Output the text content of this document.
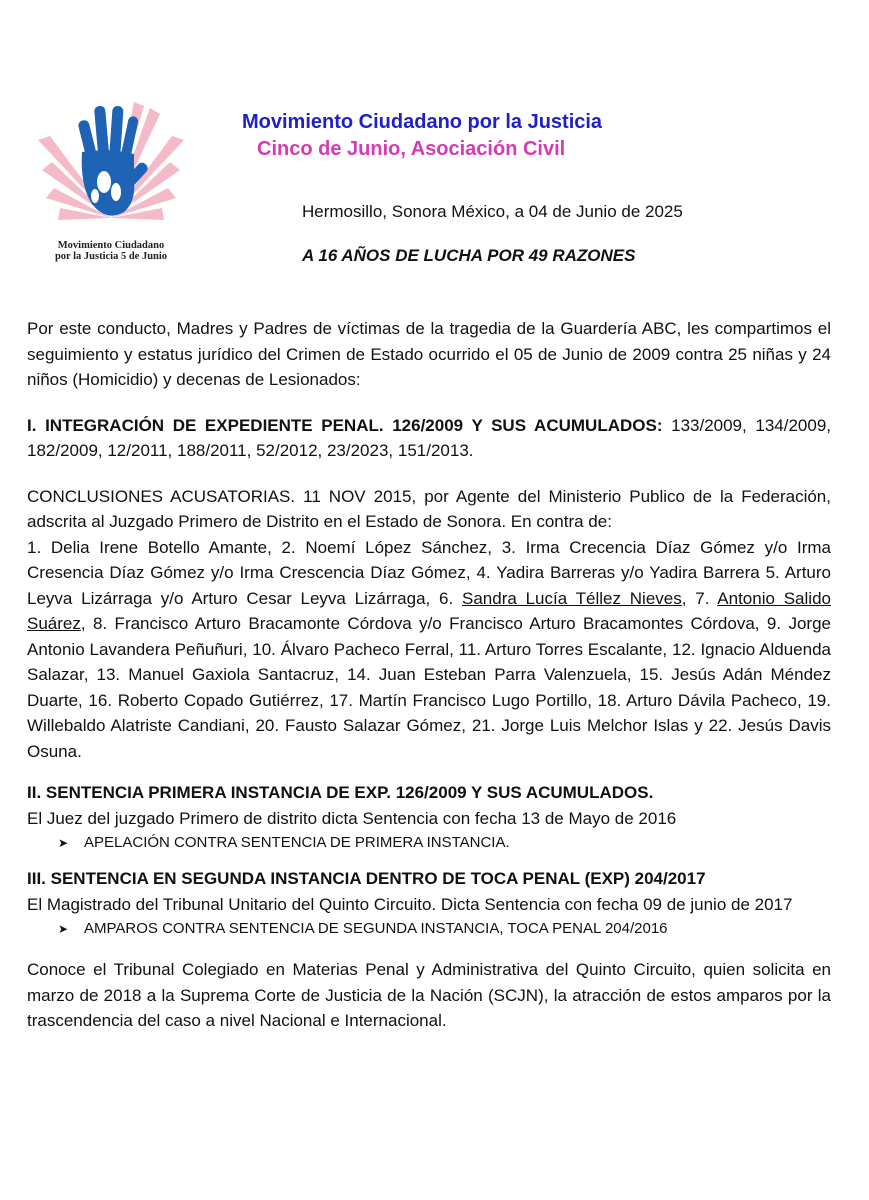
Movimiento Ciudadano
por la Justicia 5 de Junio
Movimiento Ciudadano por la Justicia
Cinco de Junio, Asociación Civil
Hermosillo, Sonora México, a 04 de Junio de 2025
A 16 AÑOS DE LUCHA POR 49 RAZONES

Por este conducto, Madres y Padres de víctimas de la tragedia de la Guardería ABC, les compartimos el seguimiento y estatus jurídico del Crimen de Estado ocurrido el 05 de Junio de 2009 contra 25 niñas y 24 niños (Homicidio) y decenas de Lesionados:

I. INTEGRACIÓN DE EXPEDIENTE PENAL. 126/2009 Y SUS ACUMULADOS: 133/2009, 134/2009, 182/2009, 12/2011, 188/2011, 52/2012, 23/2023, 151/2013.

CONCLUSIONES ACUSATORIAS. 11 NOV 2015, por Agente del Ministerio Publico de la Federación, adscrita al Juzgado Primero de Distrito en el Estado de Sonora. En contra de:

1. Delia Irene Botello Amante, 2. Noemí López Sánchez, 3. Irma Crecencia Díaz Gómez y/o Irma Cresencia Díaz Gómez y/o Irma Crescencia Díaz Gómez, 4. Yadira Barreras y/o Yadira Barrera 5. Arturo Leyva Lizárraga y/o Arturo Cesar Leyva Lizárraga, 6. Sandra Lucía Téllez Nieves, 7. Antonio Salido Suárez, 8. Francisco Arturo Bracamonte Córdova y/o Francisco Arturo Bracamontes Córdova, 9. Jorge Antonio Lavandera Peñuñuri, 10. Álvaro Pacheco Ferral, 11. Arturo Torres Escalante, 12. Ignacio Alduenda Salazar, 13. Manuel Gaxiola Santacruz, 14. Juan Esteban Parra Valenzuela, 15. Jesús Adán Méndez Duarte, 16. Roberto Copado Gutiérrez, 17. Martín Francisco Lugo Portillo, 18. Arturo Dávila Pacheco, 19. Willebaldo Alatriste Candiani, 20. Fausto Salazar Gómez, 21. Jorge Luis Melchor Islas y 22. Jesús Davis Osuna.

II. SENTENCIA PRIMERA INSTANCIA DE EXP. 126/2009 Y SUS ACUMULADOS.

El Juez del juzgado Primero de distrito dicta Sentencia con fecha 13 de Mayo de 2016

➤ APELACIÓN CONTRA SENTENCIA DE PRIMERA INSTANCIA.

III. SENTENCIA EN SEGUNDA INSTANCIA DENTRO DE TOCA PENAL (EXP) 204/2017

El Magistrado del Tribunal Unitario del Quinto Circuito. Dicta Sentencia con fecha 09 de junio de 2017

➤ AMPAROS CONTRA SENTENCIA DE SEGUNDA INSTANCIA, TOCA PENAL 204/2016

Conoce el Tribunal Colegiado en Materias Penal y Administrativa del Quinto Circuito, quien solicita en marzo de 2018 a la Suprema Corte de Justicia de la Nación (SCJN), la atracción de estos amparos por la trascendencia del caso a nivel Nacional e Internacional.
